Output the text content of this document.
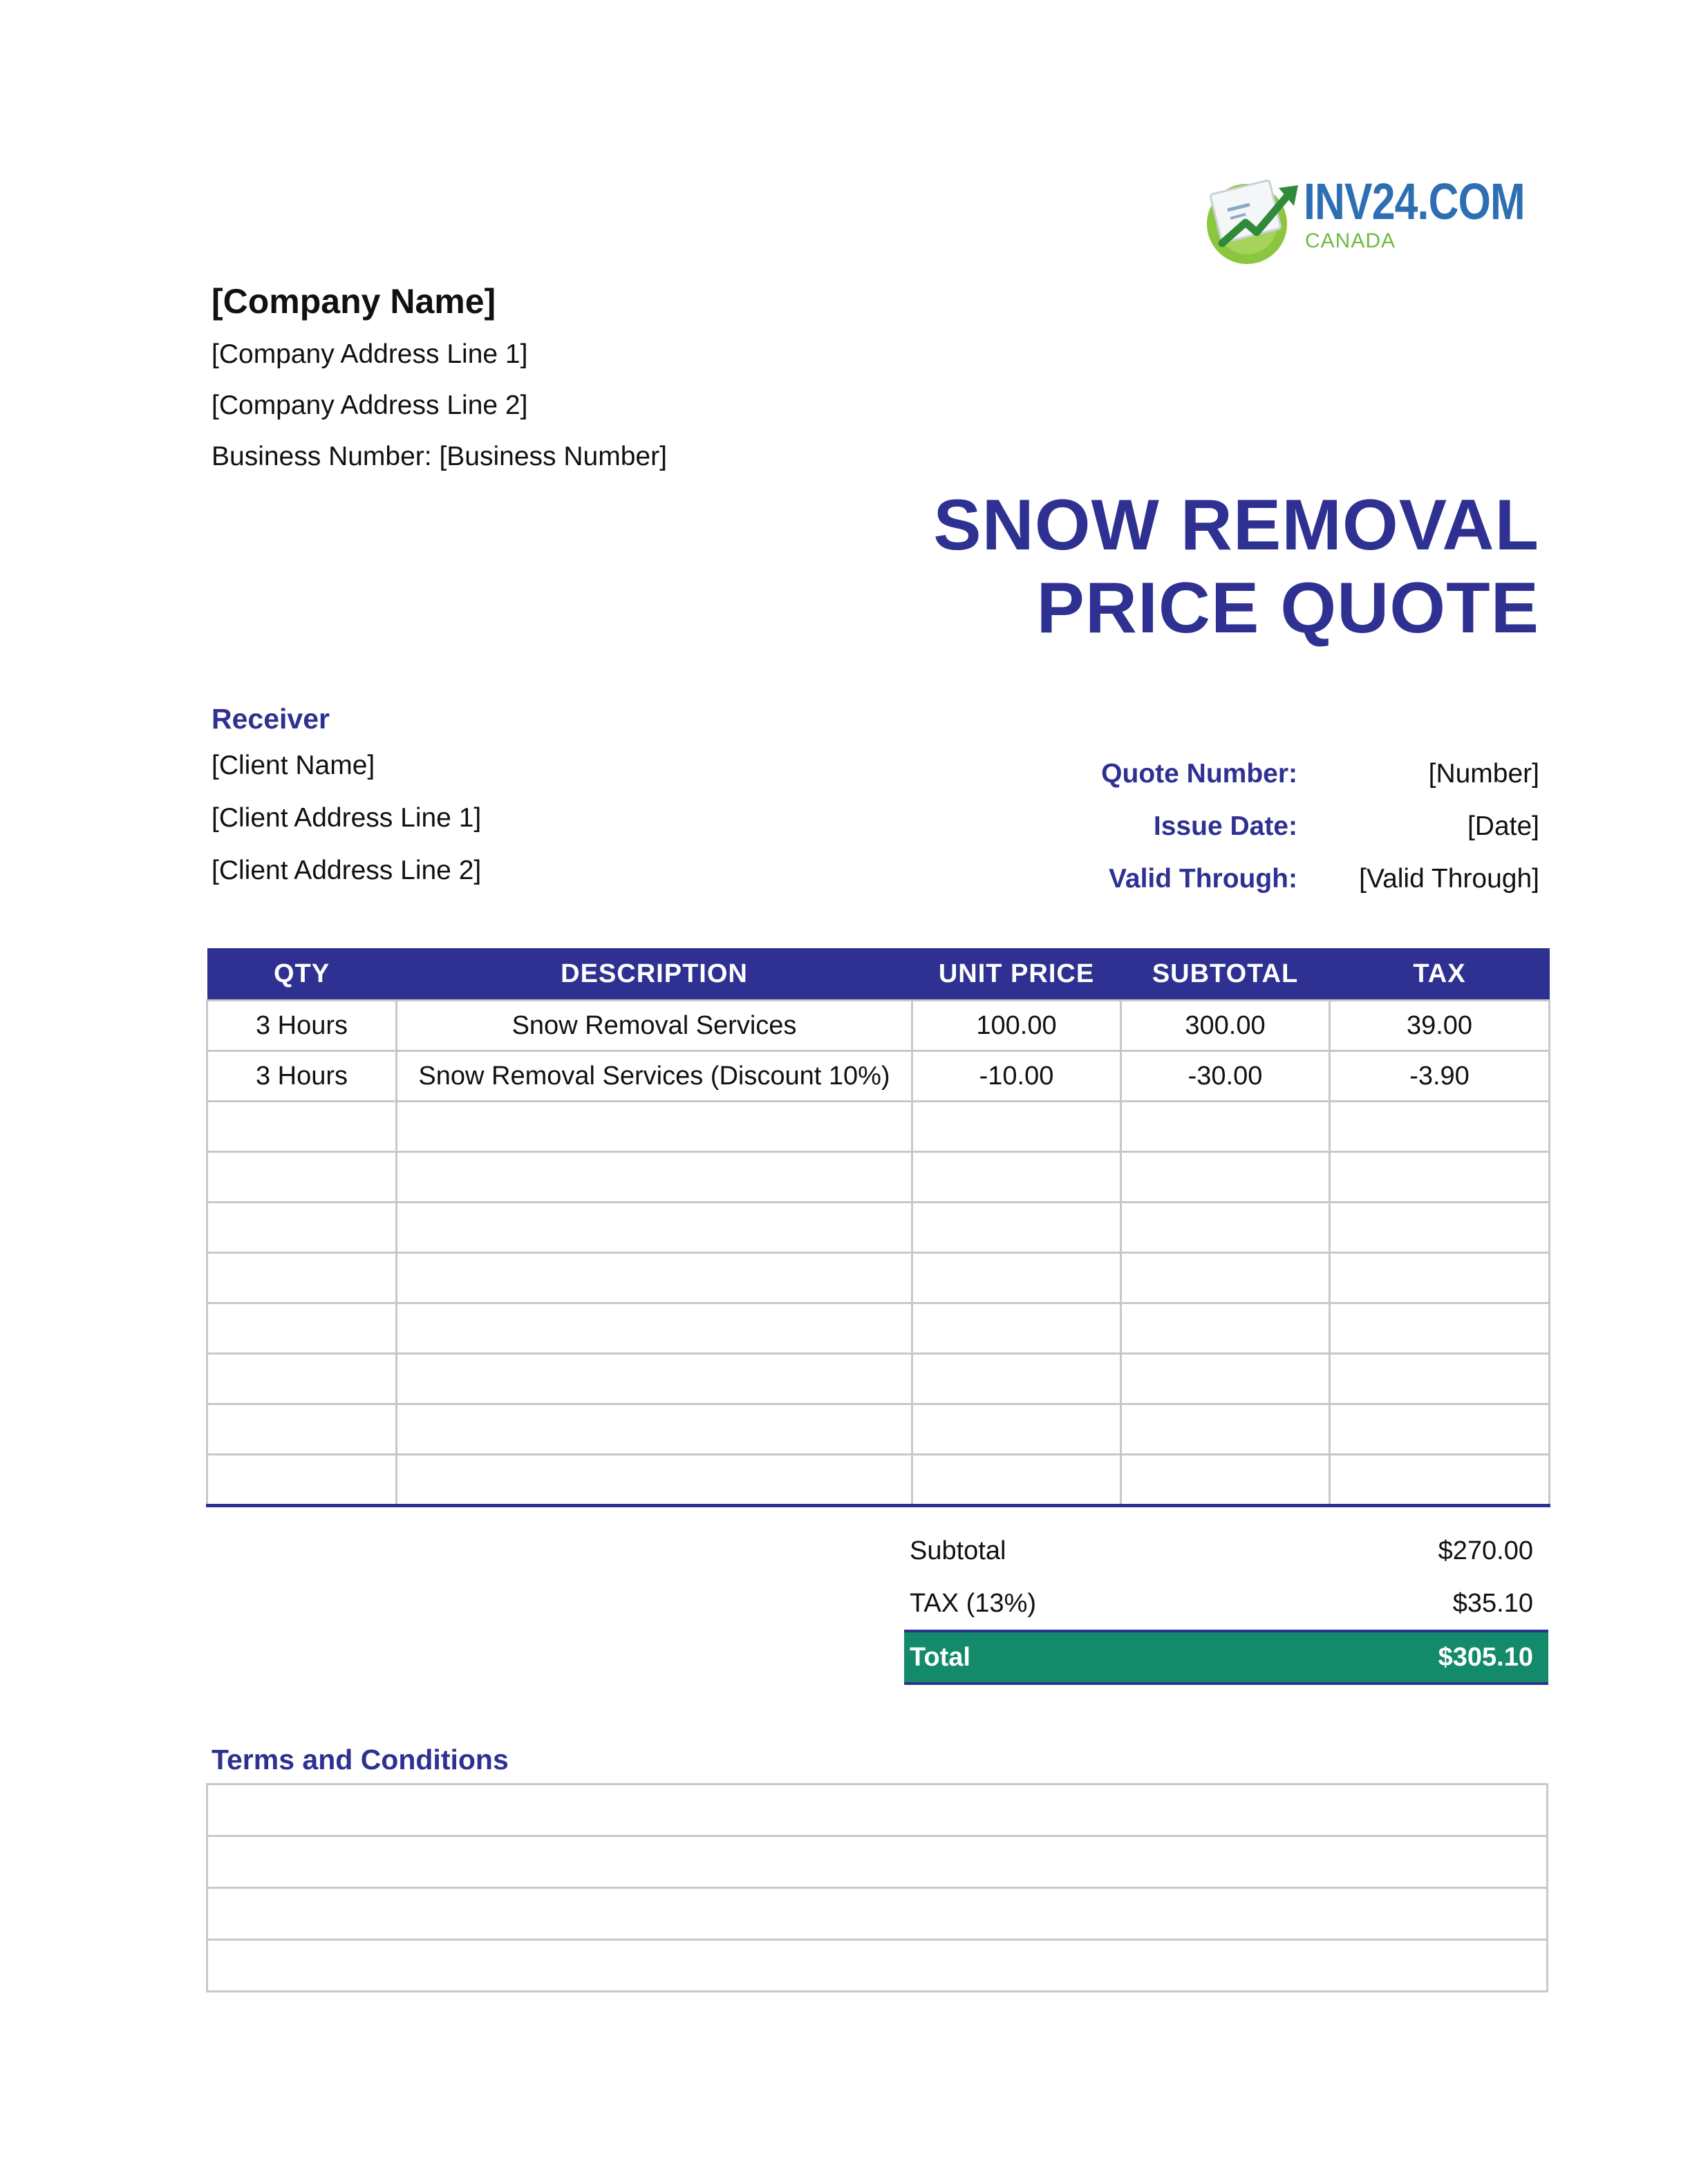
INV24.COM
CANADA
[Company Name]
[Company Address Line 1]
[Company Address Line 2]
Business Number: [Business Number]
SNOW REMOVAL
PRICE QUOTE
Receiver
[Client Name]
[Client Address Line 1]
[Client Address Line 2]
Quote Number:	[Number]
Issue Date:	[Date]
Valid Through:	[Valid Through]
QTY	DESCRIPTION	UNIT PRICE	SUBTOTAL	TAX
3 Hours	Snow Removal Services	100.00	300.00	39.00
3 Hours	Snow Removal Services (Discount 10%)	-10.00	-30.00	-3.90

Subtotal	$270.00
TAX (13%)	$35.10
Total	$305.10
Terms and Conditions
